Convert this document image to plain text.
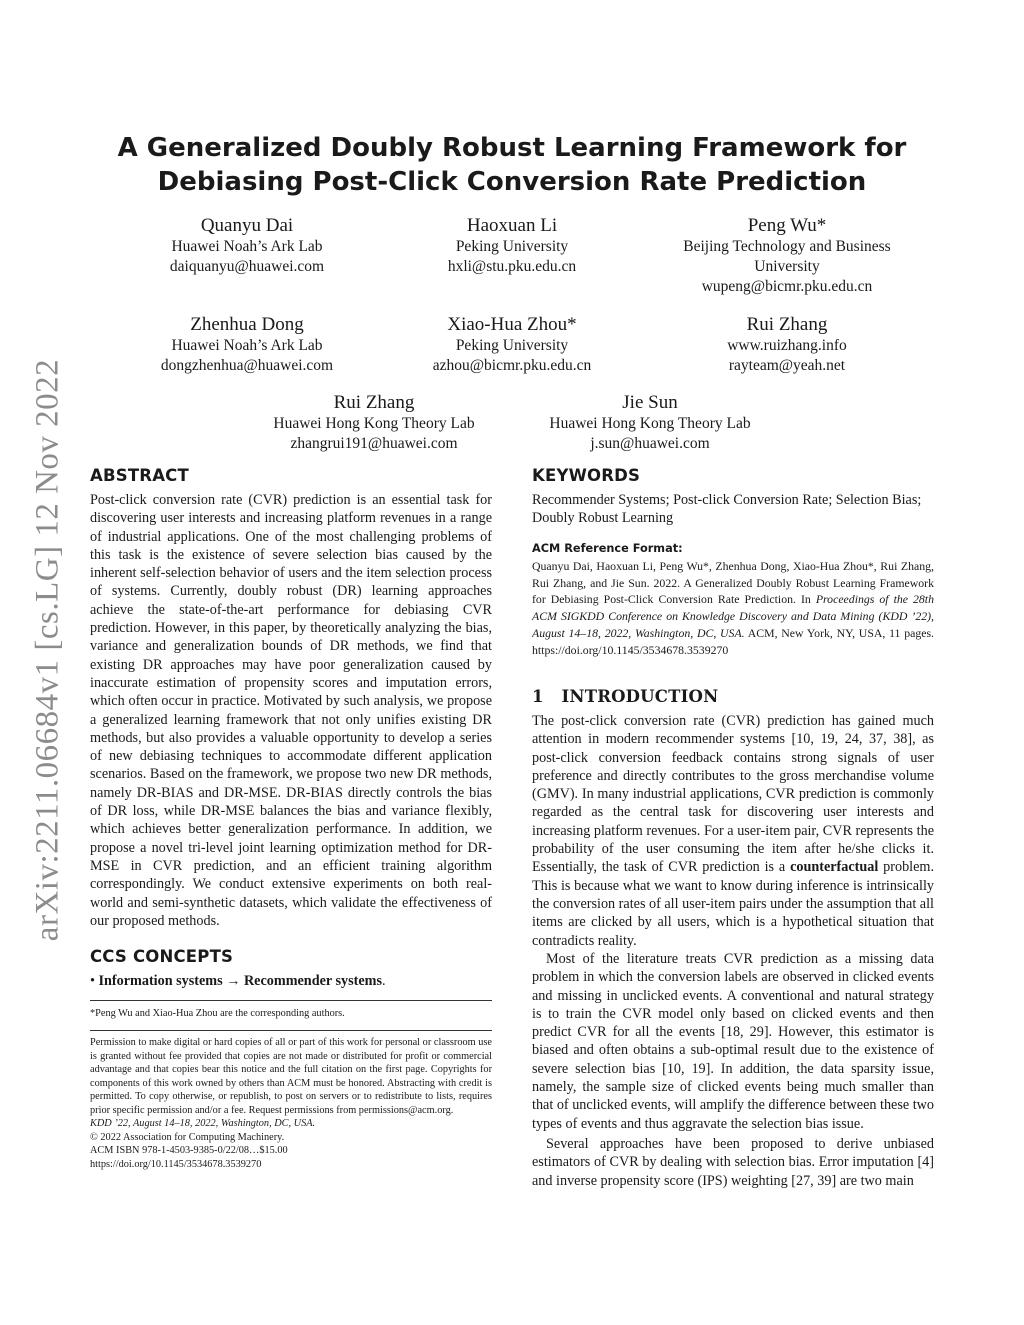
arXiv:2211.06684v1 [cs.LG] 12 Nov 2022
A Generalized Doubly Robust Learning Framework for Debiasing Post-Click Conversion Rate Prediction
Quanyu Dai
Huawei Noah’s Ark Lab
daiquanyu@huawei.com
Haoxuan Li
Peking University
hxli@stu.pku.edu.cn
Peng Wu*
Beijing Technology and Business
University
wupeng@bicmr.pku.edu.cn
Zhenhua Dong
Huawei Noah’s Ark Lab
dongzhenhua@huawei.com
Xiao-Hua Zhou*
Peking University
azhou@bicmr.pku.edu.cn
Rui Zhang
www.ruizhang.info
rayteam@yeah.net
Rui Zhang
Huawei Hong Kong Theory Lab
zhangrui191@huawei.com
Jie Sun
Huawei Hong Kong Theory Lab
j.sun@huawei.com
ABSTRACT

Post-click conversion rate (CVR) prediction is an essential task for discovering user interests and increasing platform revenues in a range of industrial applications. One of the most challenging problems of this task is the existence of severe selection bias caused by the inherent self-selection behavior of users and the item selection process of systems. Currently, doubly robust (DR) learning approaches achieve the state-of-the-art performance for debiasing CVR prediction. However, in this paper, by theoretically analyzing the bias, variance and generalization bounds of DR methods, we find that existing DR approaches may have poor generalization caused by inaccurate estimation of propensity scores and imputation errors, which often occur in practice. Motivated by such analysis, we propose a generalized learning framework that not only unifies existing DR methods, but also provides a valuable opportunity to develop a series of new debiasing techniques to accommodate different application scenarios. Based on the framework, we propose two new DR methods, namely DR-BIAS and DR-MSE. DR-BIAS directly controls the bias of DR loss, while DR-MSE balances the bias and variance flexibly, which achieves better generalization performance. In addition, we propose a novel tri-level joint learning optimization method for DR-MSE in CVR prediction, and an efficient training algorithm correspondingly. We conduct extensive experiments on both real-world and semi-synthetic datasets, which validate the effectiveness of our proposed methods.

CCS CONCEPTS

• Information systems → Recommender systems.

*Peng Wu and Xiao-Hua Zhou are the corresponding authors.

Permission to make digital or hard copies of all or part of this work for personal or classroom use is granted without fee provided that copies are not made or distributed for profit or commercial advantage and that copies bear this notice and the full citation on the first page. Copyrights for components of this work owned by others than ACM must be honored. Abstracting with credit is permitted. To copy otherwise, or republish, to post on servers or to redistribute to lists, requires prior specific permission and/or a fee. Request permissions from permissions@acm.org.

KDD ’22, August 14–18, 2022, Washington, DC, USA.

© 2022 Association for Computing Machinery.

ACM ISBN 978-1-4503-9385-0/22/08…$15.00

https://doi.org/10.1145/3534678.3539270

KEYWORDS

Recommender Systems; Post-click Conversion Rate; Selection Bias; Doubly Robust Learning

ACM Reference Format:

Quanyu Dai, Haoxuan Li, Peng Wu*, Zhenhua Dong, Xiao-Hua Zhou*, Rui Zhang, Rui Zhang, and Jie Sun. 2022. A Generalized Doubly Robust Learning Framework for Debiasing Post-Click Conversion Rate Prediction. In Proceedings of the 28th ACM SIGKDD Conference on Knowledge Discovery and Data Mining (KDD ’22), August 14–18, 2022, Washington, DC, USA. ACM, New York, NY, USA, 11 pages. https://doi.org/10.1145/3534678.3539270

1   INTRODUCTION

The post-click conversion rate (CVR) prediction has gained much attention in modern recommender systems [10, 19, 24, 37, 38], as post-click conversion feedback contains strong signals of user preference and directly contributes to the gross merchandise volume (GMV). In many industrial applications, CVR prediction is commonly regarded as the central task for discovering user interests and increasing platform revenues. For a user-item pair, CVR represents the probability of the user consuming the item after he/she clicks it. Essentially, the task of CVR prediction is a counterfactual problem. This is because what we want to know during inference is intrinsically the conversion rates of all user-item pairs under the assumption that all items are clicked by all users, which is a hypothetical situation that contradicts reality.

Most of the literature treats CVR prediction as a missing data problem in which the conversion labels are observed in clicked events and missing in unclicked events. A conventional and natural strategy is to train the CVR model only based on clicked events and then predict CVR for all the events [18, 29]. However, this estimator is biased and often obtains a sub-optimal result due to the existence of severe selection bias [10, 19]. In addition, the data sparsity issue, namely, the sample size of clicked events being much smaller than that of unclicked events, will amplify the difference between these two types of events and thus aggravate the selection bias issue.

Several approaches have been proposed to derive unbiased estimators of CVR by dealing with selection bias. Error imputation [4] and inverse propensity score (IPS) weighting [27, 39] are two main
